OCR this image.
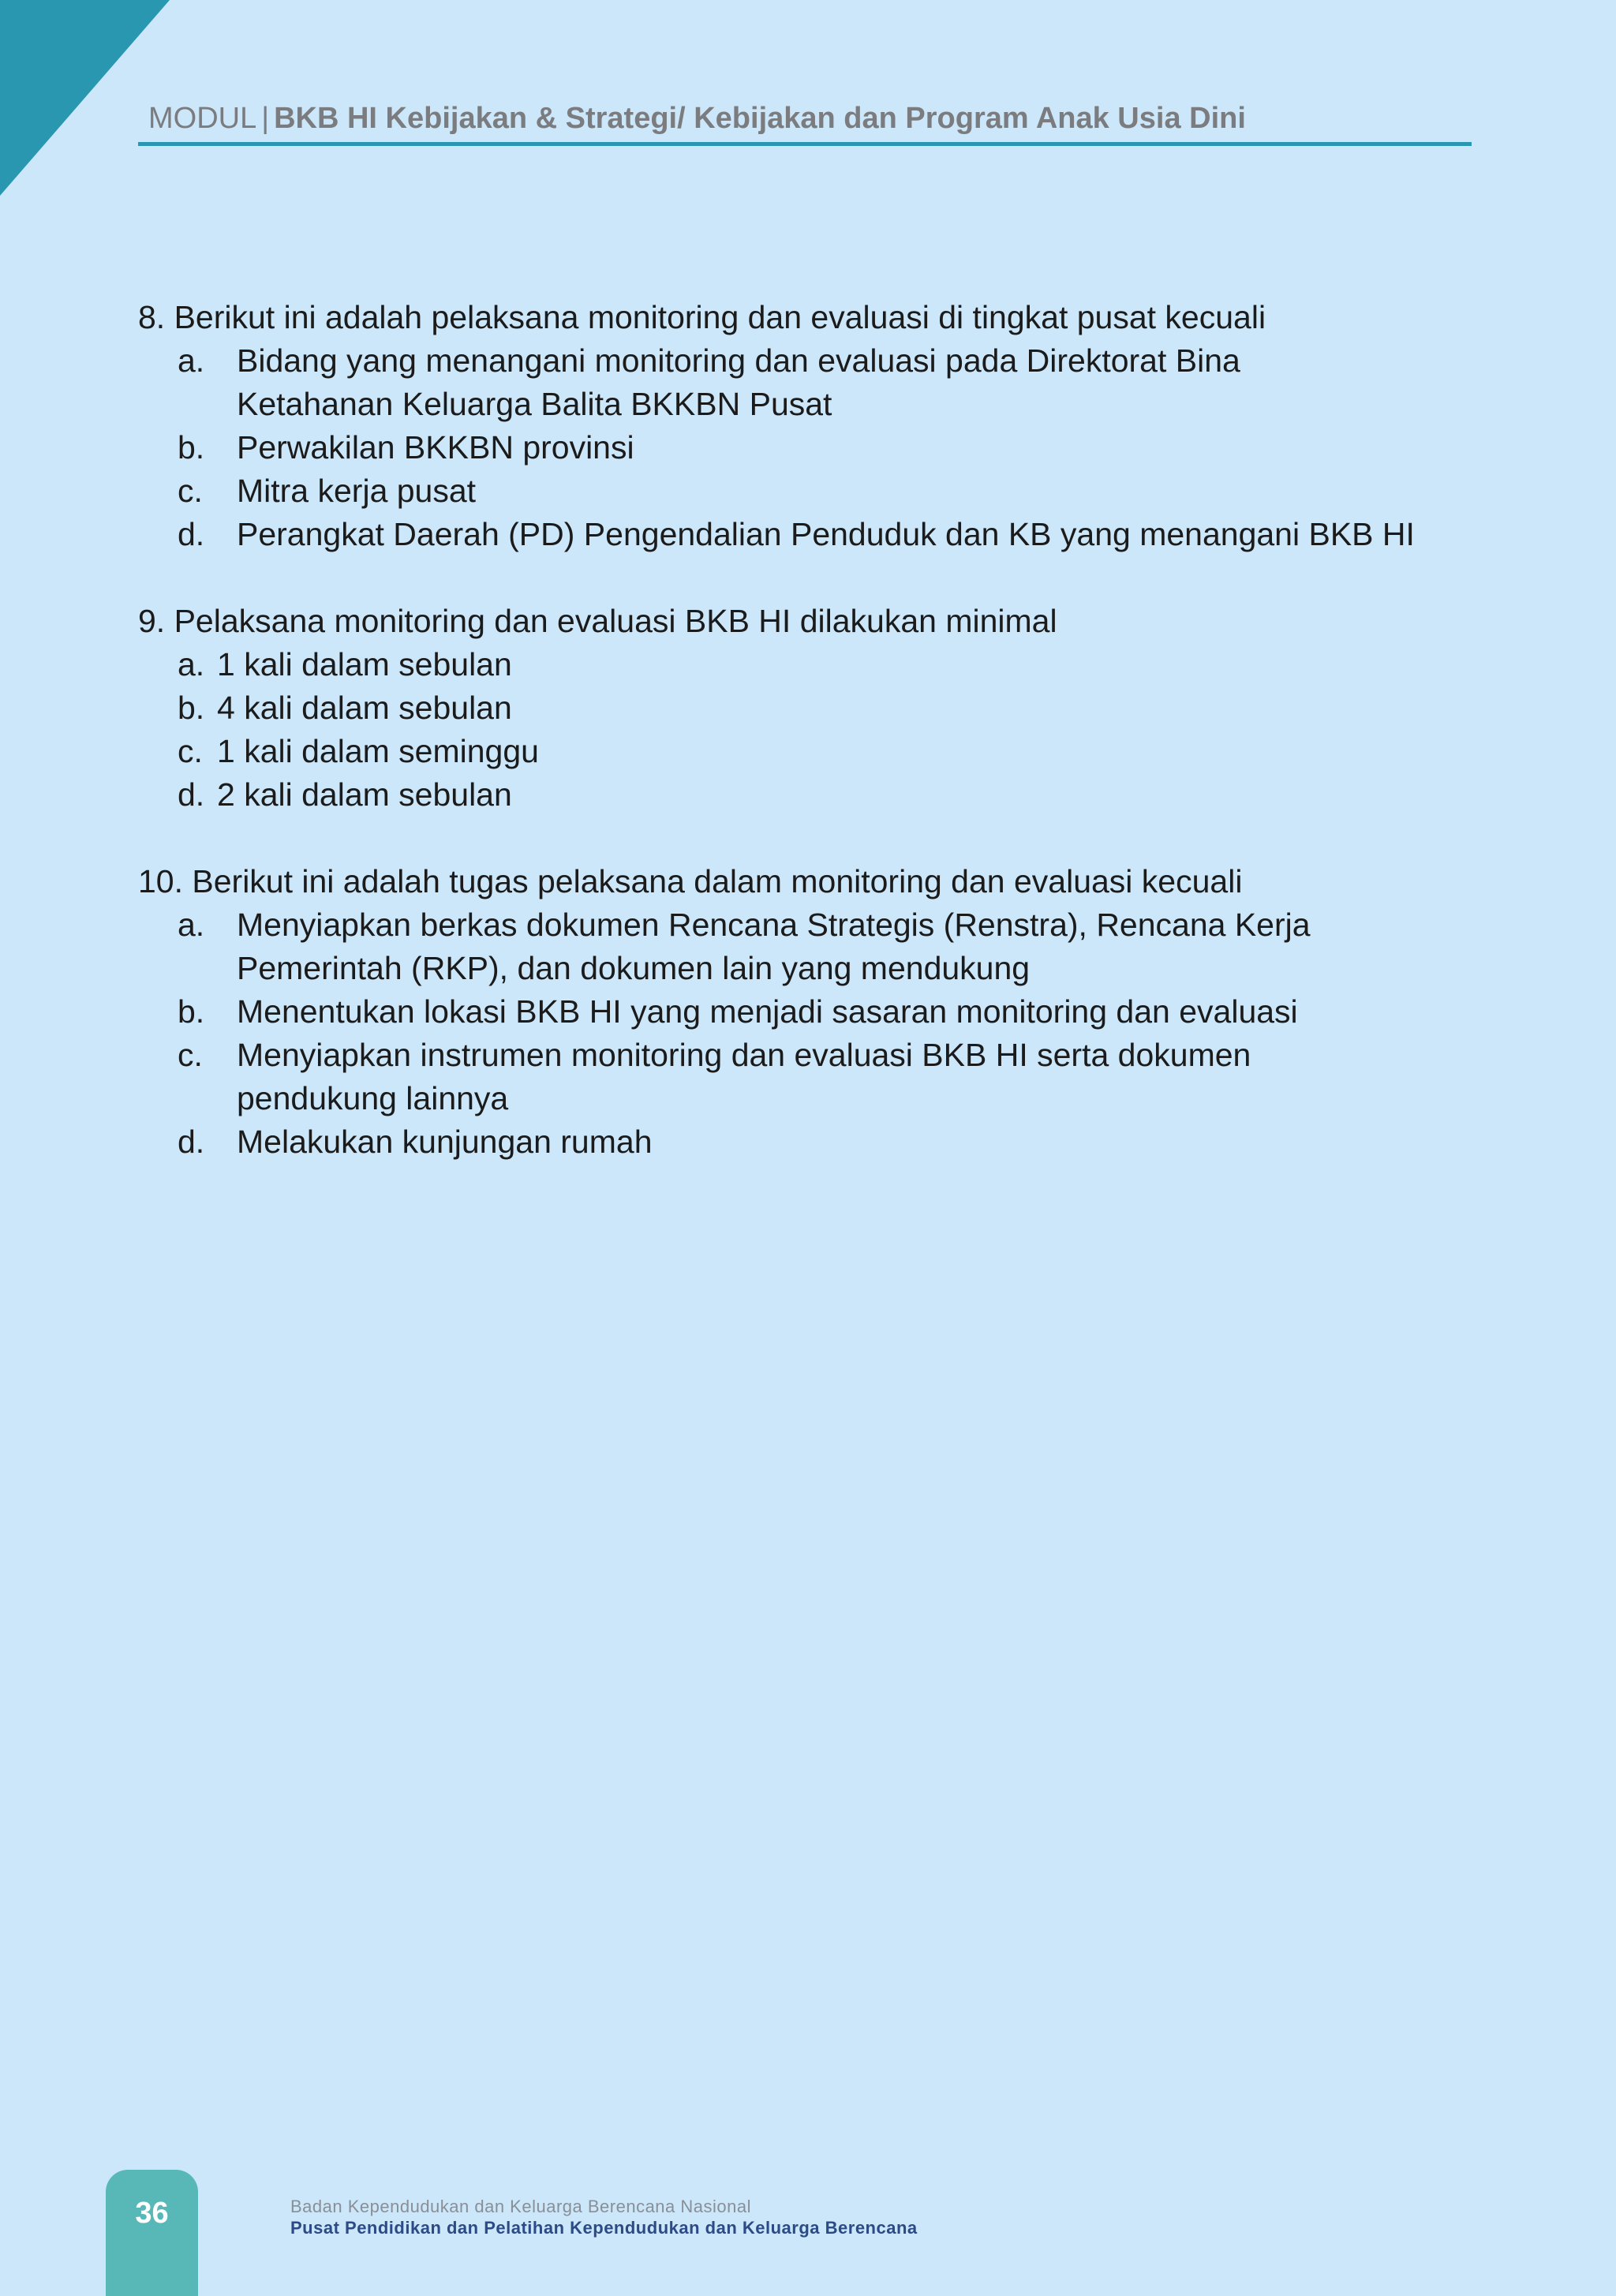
MODUL | BKB HI Kebijakan & Strategi/ Kebijakan dan Program Anak Usia Dini

8. Berikut ini adalah pelaksana monitoring dan evaluasi di tingkat pusat kecuali
a. Bidang yang menangani monitoring dan evaluasi pada Direktorat Bina Ketahanan Keluarga Balita BKKBN Pusat
b. Perwakilan BKKBN provinsi
c.	Mitra kerja pusat
d. Perangkat Daerah (PD) Pengendalian Penduduk dan KB yang menangani BKB HI
9. Pelaksana monitoring dan evaluasi BKB HI dilakukan minimal
a. 1 kali dalam sebulan
b. 4 kali dalam sebulan
c. 1 kali dalam seminggu
d. 2 kali dalam sebulan
10. Berikut ini adalah tugas pelaksana dalam monitoring dan evaluasi kecuali
a. Menyiapkan berkas dokumen Rencana Strategis (Renstra), Rencana Kerja Pemerintah (RKP), dan dokumen lain yang mendukung
b. Menentukan lokasi BKB HI yang menjadi sasaran monitoring dan evaluasi
c.	Menyiapkan instrumen monitoring dan evaluasi BKB HI serta dokumen pendukung lainnya
d. Melakukan kunjungan rumah
36	Badan Kependudukan dan Keluarga Berencana Nasional
Pusat Pendidikan dan Pelatihan Kependudukan dan Keluarga Berencana
